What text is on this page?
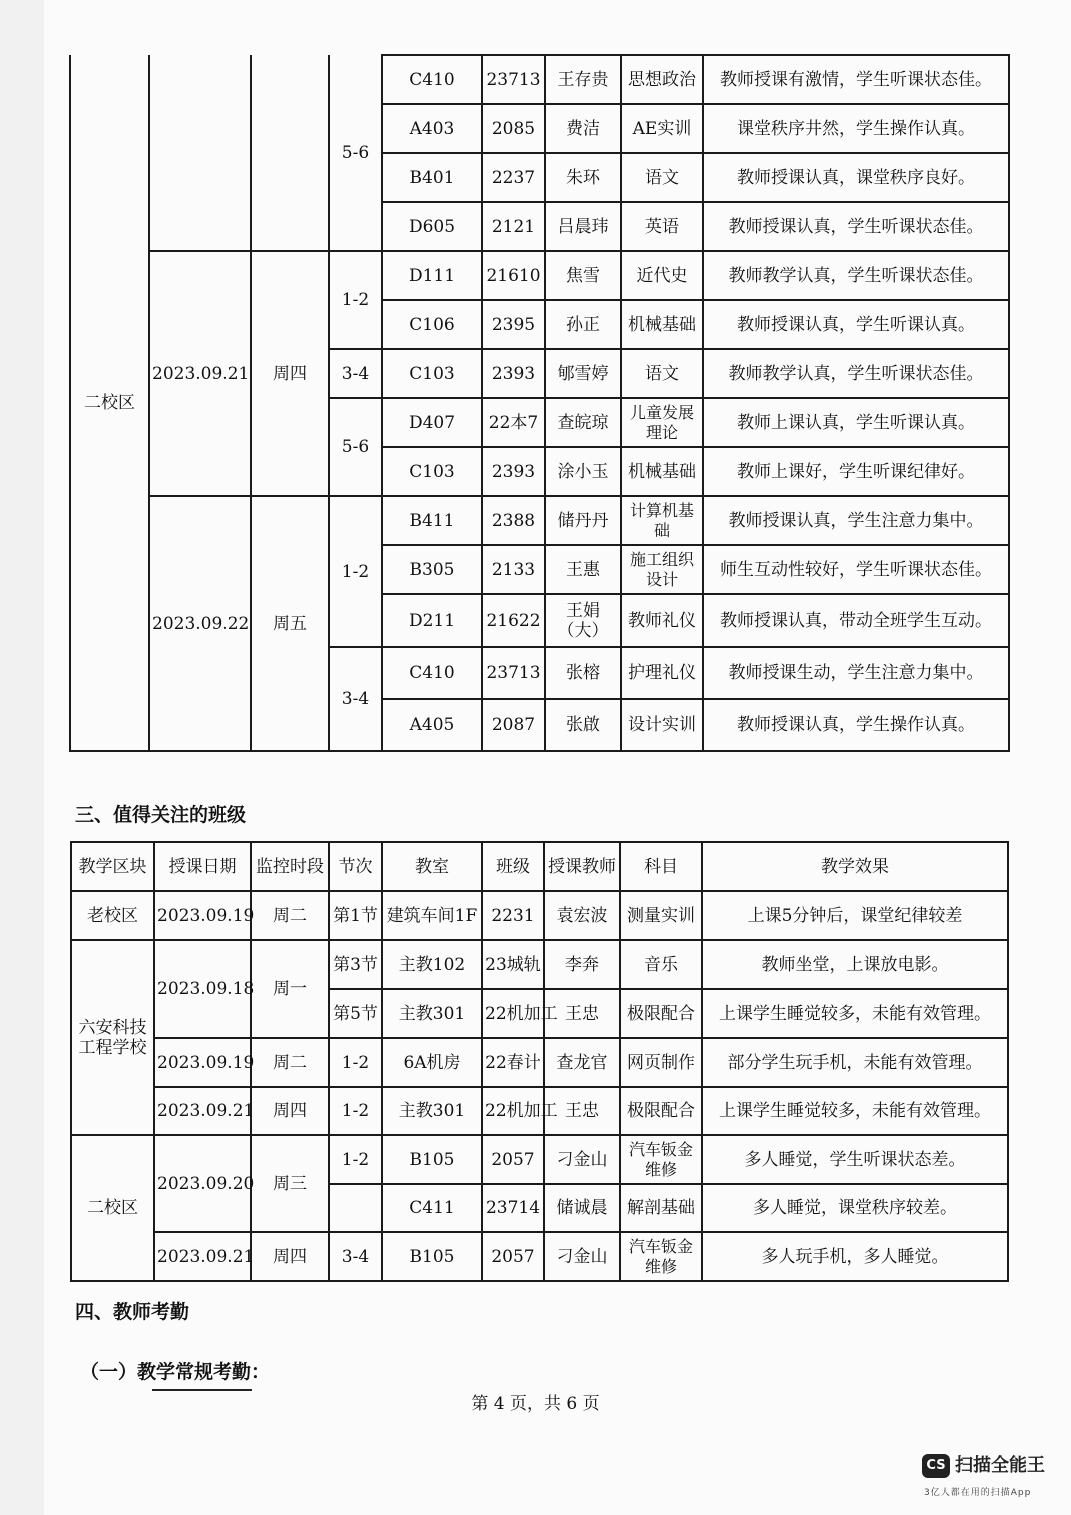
二校区			5-6	C410	23713	王存贵	思想政治	教师授课有激情，学生听课状态佳。
				A403	2085	费洁	AE实训	课堂秩序井然，学生操作认真。
				B401	2237	朱环	语文	教师授课认真，课堂秩序良好。
				D605	2121	吕晨玮	英语	教师授课认真，学生听课状态佳。
	2023.09.21	周四	1-2	D111	21610	焦雪	近代史	教师教学认真，学生听课状态佳。
				C106	2395	孙正	机械基础	教师授课认真，学生听课认真。
			3-4	C103	2393	郇雪婷	语文	教师教学认真，学生听课状态佳。
			5-6	D407	22本7	查皖琼	儿童发展理论	教师上课认真，学生听课认真。
				C103	2393	涂小玉	机械基础	教师上课好，学生听课纪律好。
	2023.09.22	周五	1-2	B411	2388	储丹丹	计算机基础	教师授课认真，学生注意力集中。
				B305	2133	王惠	施工组织设计	师生互动性较好，学生听课状态佳。
				D211	21622	王娟（大）	教师礼仪	教师授课认真，带动全班学生互动。
			3-4	C410	23713	张榕	护理礼仪	教师授课生动，学生注意力集中。
				A405	2087	张啟	设计实训	教师授课认真，学生操作认真。
三、值得关注的班级
教学区块	授课日期	监控时段	节次	教室	班级	授课教师	科目	教学效果
老校区	2023.09.19	周二	第1节	建筑车间1F	2231	袁宏波	测量实训	上课5分钟后，课堂纪律较差
六安科技工程学校	2023.09.18	周一	第3节	主教102	23城轨	李奔	音乐	教师坐堂，上课放电影。
			第5节	主教301	22机加工	王忠	极限配合	上课学生睡觉较多，未能有效管理。
	2023.09.19	周二	1-2	6A机房	22春计	查龙官	网页制作	部分学生玩手机，未能有效管理。
	2023.09.21	周四	1-2	主教301	22机加工	王忠	极限配合	上课学生睡觉较多，未能有效管理。
二校区	2023.09.20	周三	1-2	B105	2057	刁金山	汽车钣金维修	多人睡觉，学生听课状态差。
				C411	23714	储诚晨	解剖基础	多人睡觉，课堂秩序较差。
	2023.09.21	周四	3-4	B105	2057	刁金山	汽车钣金维修	多人玩手机，多人睡觉。
四、教师考勤
（一）教学常规考勤：
第 4 页，共 6 页
CS 扫描全能王
3亿人都在用的扫描App
